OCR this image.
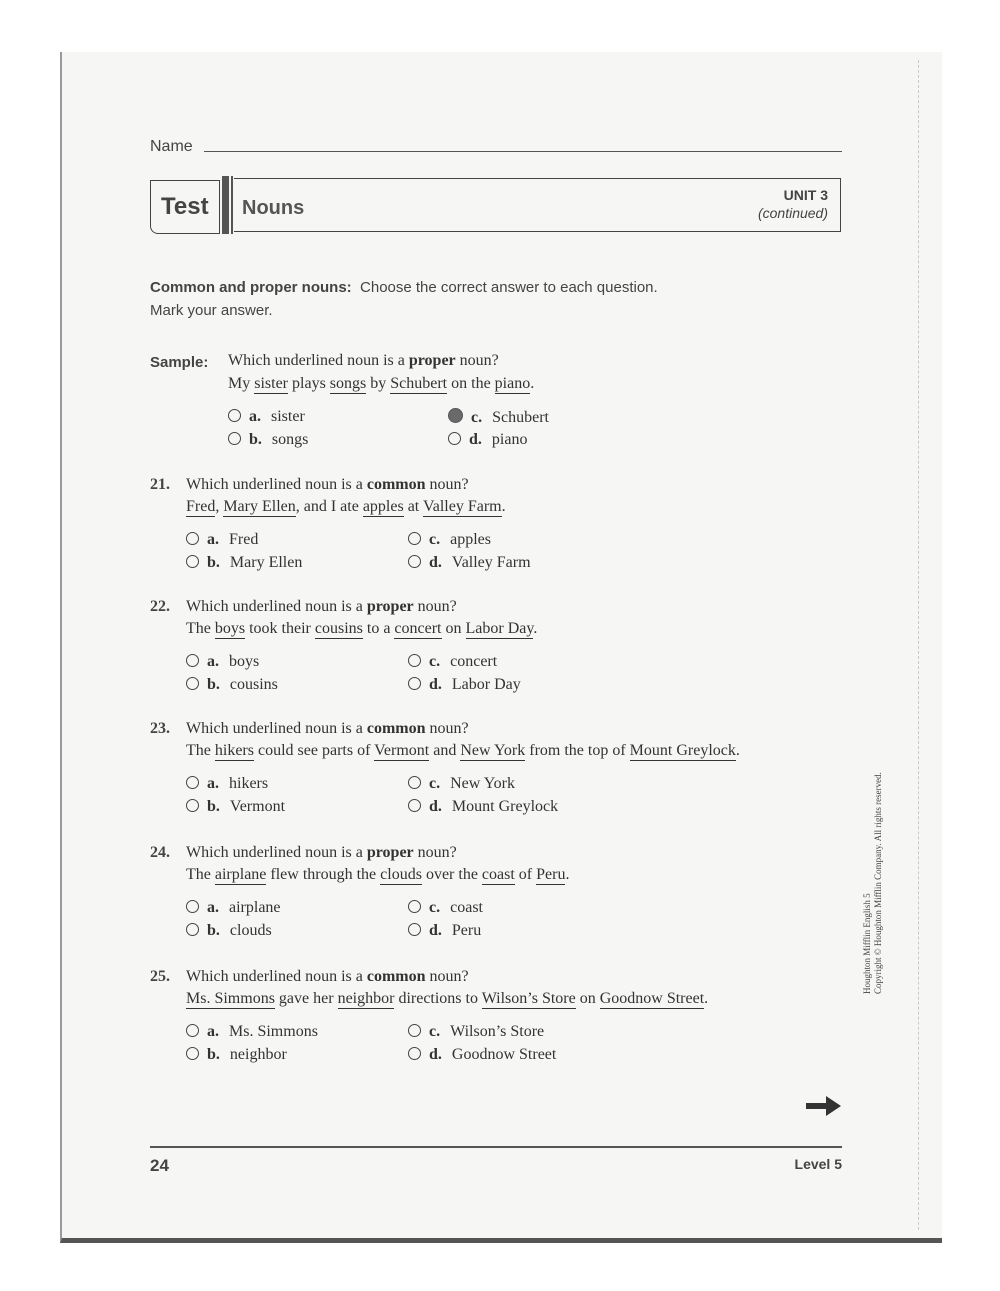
Name
Test Nouns
UNIT 3
(continued)
Common and proper nouns: Choose the correct answer to each question.
Mark your answer.
Sample: Which underlined noun is a proper noun?
My sister plays songs by Schubert on the piano.
a. sister
b. songs
c. Schubert
d. piano
21. Which underlined noun is a common noun?
Fred, Mary Ellen, and I ate apples at Valley Farm.
a. Fred
b. Mary Ellen
c. apples
d. Valley Farm
22. Which underlined noun is a proper noun?
The boys took their cousins to a concert on Labor Day.
a. boys
b. cousins
c. concert
d. Labor Day
23. Which underlined noun is a common noun?
The hikers could see parts of Vermont and New York from the top of Mount Greylock.
a. hikers
b. Vermont
c. New York
d. Mount Greylock
24. Which underlined noun is a proper noun?
The airplane flew through the clouds over the coast of Peru.
a. airplane
b. clouds
c. coast
d. Peru
25. Which underlined noun is a common noun?
Ms. Simmons gave her neighbor directions to Wilson’s Store on Goodnow Street.
a. Ms. Simmons
b. neighbor
c. Wilson’s Store
d. Goodnow Street
Houghton Mifflin English 5 Copyright © Houghton Mifflin Company. All rights reserved.
24	Level 5
